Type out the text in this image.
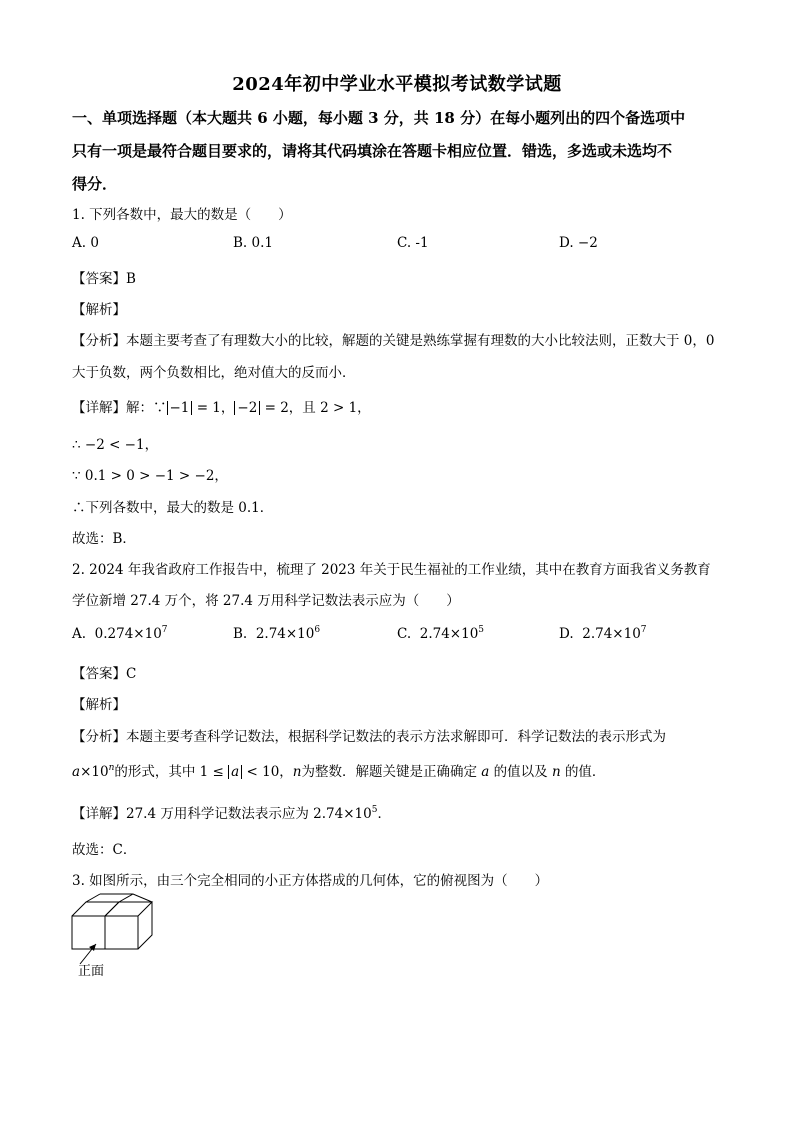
2024年初中学业水平模拟考试数学试题
一、单项选择题（本大题共 6 小题，每小题 3 分，共 18 分）在每小题列出的四个备选项中
只有一项是最符合题目要求的，请将其代码填涂在答题卡相应位置．错选，多选或未选均不
得分．
1. 下列各数中，最大的数是（　　）
A. 0	B. 0.1	C. -1	D. −2
【答案】B
【解析】
【分析】本题主要考查了有理数大小的比较，解题的关键是熟练掌握有理数的大小比较法则，正数大于 0，0
大于负数，两个负数相比，绝对值大的反而小．
【详解】解：∵ −1 = 1， −2 = 2，且 2 > 1，
∴ −2 < −1，
∵ 0.1 > 0 > −1 > −2，
∴下列各数中，最大的数是 0.1．
故选：B．
2. 2024 年我省政府工作报告中，梳理了 2023 年关于民生福祉的工作业绩，其中在教育方面我省义务教育
学位新增 27.4 万个，将 27.4 万用科学记数法表示应为（　　）
A. $0.274\times 10^7$	B. $2.74\times 10^6$	C. $2.74\times 10^5$	D. $2.74\times 10^7$
【答案】C
【解析】
【分析】本题主要考查科学记数法，根据科学记数法的表示方法求解即可．科学记数法的表示形式为
$a\times 10^n$的形式，其中 1 ≤ a < 10，n为整数．解题关键是正确确定 a 的值以及 n 的值．
【详解】27.4 万用科学记数法表示应为 $2.74\times 10^5$．
故选：C．
3. 如图所示，由三个完全相同的小正方体搭成的几何体，它的俯视图为（　　）
正面
